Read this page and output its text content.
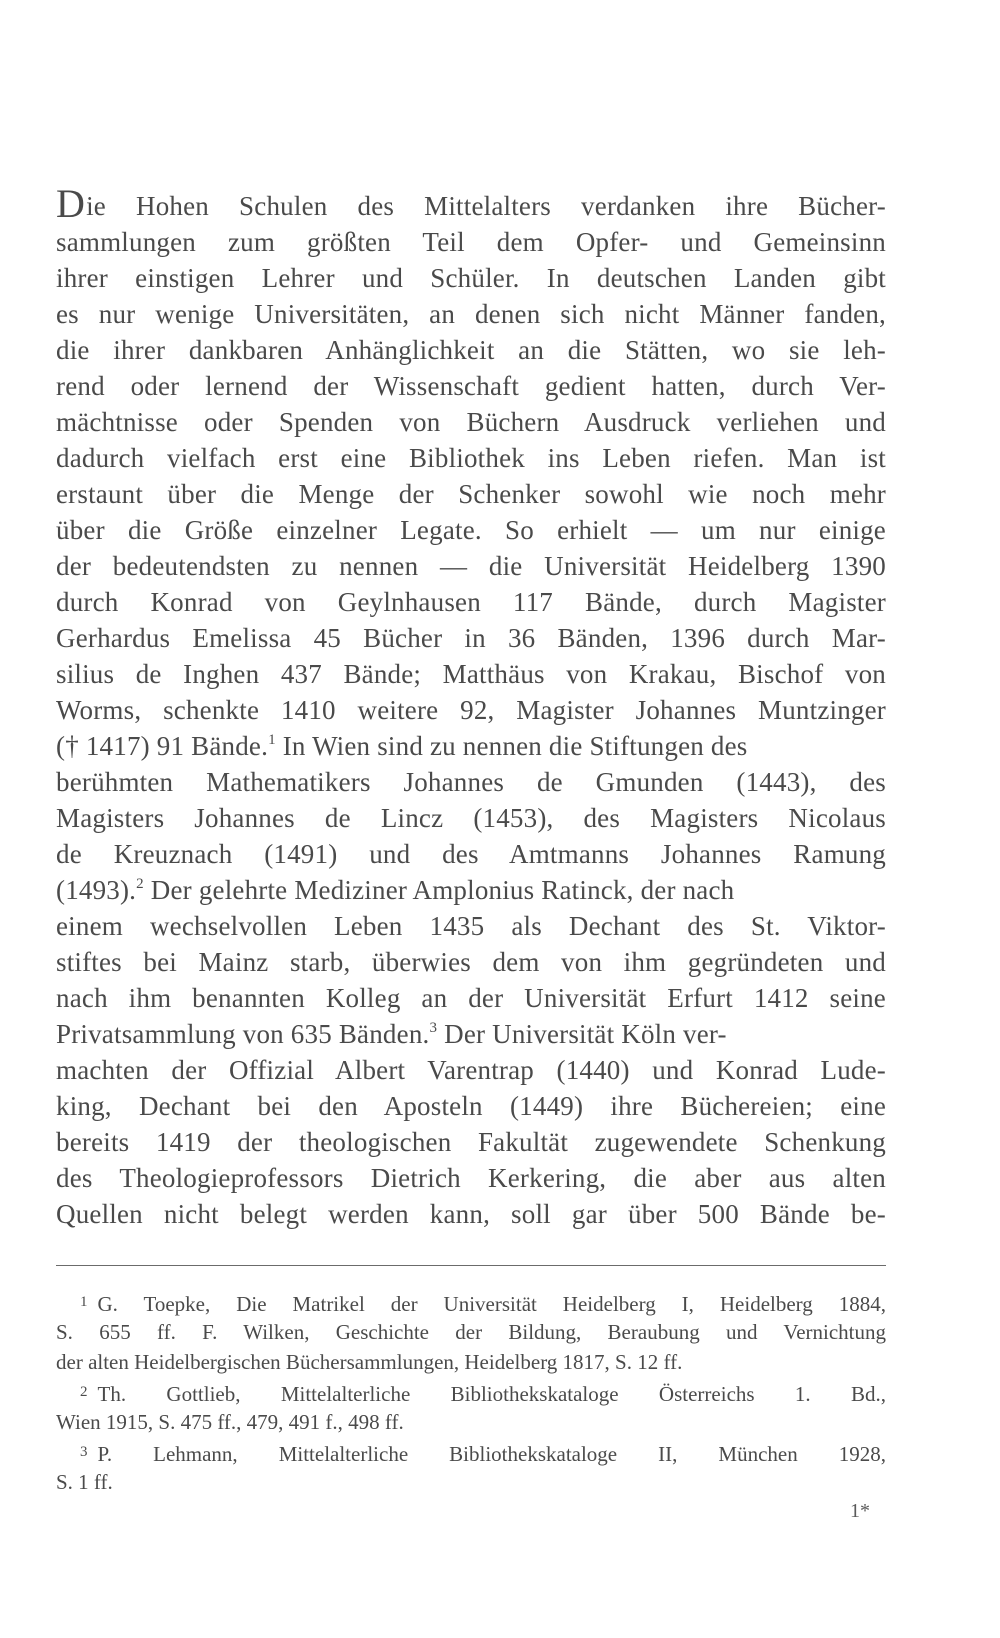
Die Hohen Schulen des Mittelalters verdanken ihre Bücher-
sammlungen zum größten Teil dem Opfer- und Gemeinsinn
ihrer einstigen Lehrer und Schüler. In deutschen Landen gibt
es nur wenige Universitäten, an denen sich nicht Männer fanden,
die ihrer dankbaren Anhänglichkeit an die Stätten, wo sie leh-
rend oder lernend der Wissenschaft gedient hatten, durch Ver-
mächtnisse oder Spenden von Büchern Ausdruck verliehen und
dadurch vielfach erst eine Bibliothek ins Leben riefen. Man ist
erstaunt über die Menge der Schenker sowohl wie noch mehr
über die Größe einzelner Legate. So erhielt — um nur einige
der bedeutendsten zu nennen — die Universität Heidelberg 1390
durch Konrad von Geylnhausen 117 Bände, durch Magister
Gerhardus Emelissa 45 Bücher in 36 Bänden, 1396 durch Mar-
silius de Inghen 437 Bände; Matthäus von Krakau, Bischof von
Worms, schenkte 1410 weitere 92, Magister Johannes Muntzinger
(† 1417) 91 Bände.$^1$ In Wien sind zu nennen die Stiftungen des
berühmten Mathematikers Johannes de Gmunden (1443), des
Magisters Johannes de Lincz (1453), des Magisters Nicolaus
de Kreuznach (1491) und des Amtmanns Johannes Ramung
(1493).$^2$ Der gelehrte Mediziner Amplonius Ratinck, der nach
einem wechselvollen Leben 1435 als Dechant des St. Viktor-
stiftes bei Mainz starb, überwies dem von ihm gegründeten und
nach ihm benannten Kolleg an der Universität Erfurt 1412 seine
Privatsammlung von 635 Bänden.$^3$ Der Universität Köln ver-
machten der Offizial Albert Varentrap (1440) und Konrad Lude-
king, Dechant bei den Aposteln (1449) ihre Büchereien; eine
bereits 1419 der theologischen Fakultät zugewendete Schenkung
des Theologieprofessors Dietrich Kerkering, die aber aus alten
Quellen nicht belegt werden kann, soll gar über 500 Bände be-
$^1$ G. Toepke, Die Matrikel der Universität Heidelberg I, Heidelberg 1884,
S. 655 ff. F. Wilken, Geschichte der Bildung, Beraubung und Vernichtung
der alten Heidelbergischen Büchersammlungen, Heidelberg 1817, S. 12 ff.
$^2$ Th. Gottlieb, Mittelalterliche Bibliothekskataloge Österreichs 1. Bd.,
Wien 1915, S. 475 ff., 479, 491 f., 498 ff.
$^3$ P. Lehmann, Mittelalterliche Bibliothekskataloge II, München 1928,
S. 1 ff.
1*
